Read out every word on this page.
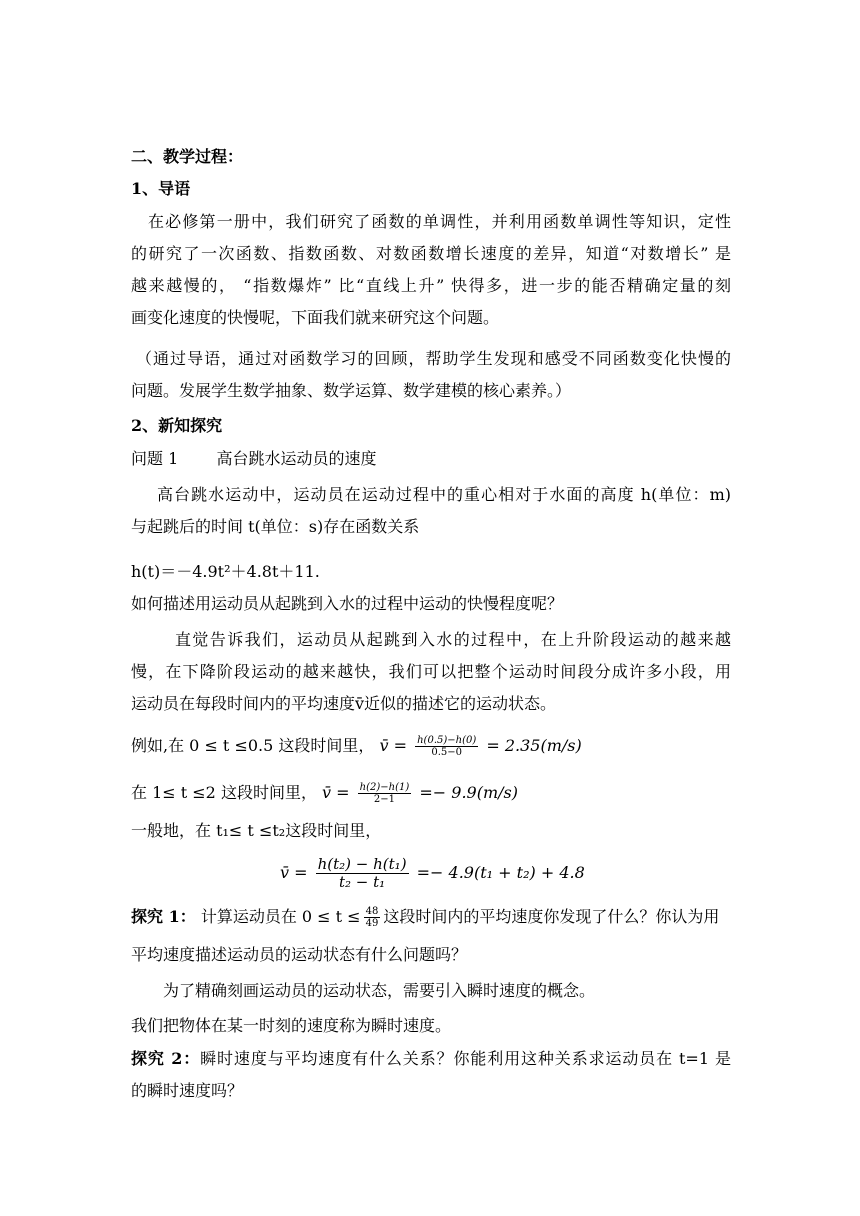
二、教学过程：
1、导语
在必修第一册中，我们研究了函数的单调性，并利用函数单调性等知识，定性
的研究了一次函数、指数函数、对数函数增长速度的差异，知道“对数增长” 是
越来越慢的， “指数爆炸” 比“直线上升” 快得多，进一步的能否精确定量的刻
画变化速度的快慢呢，下面我们就来研究这个问题。
（通过导语，通过对函数学习的回顾，帮助学生发现和感受不同函数变化快慢的
问题。发展学生数学抽象、数学运算、数学建模的核心素养。）
2、新知探究
问题 1 高台跳水运动员的速度
高台跳水运动中，运动员在运动过程中的重心相对于水面的高度 h(单位：m)
与起跳后的时间 t(单位：s)存在函数关系
h(t)＝－4.9t²＋4.8t＋11.
如何描述用运动员从起跳到入水的过程中运动的快慢程度呢？
直觉告诉我们，运动员从起跳到入水的过程中，在上升阶段运动的越来越
慢，在下降阶段运动的越来越快，我们可以把整个运动时间段分成许多小段，用
运动员在每段时间内的平均速度v̄近似的描述它的运动状态。
例如,在 0 ≤ t ≤0.5 这段时间里， v̄ = $\frac{h(0.5)-h(0)}{0.5-0} = 2.35(m/s)$
在 1≤ t ≤2 这段时间里， v̄ = $\frac{h(2)-h(1)}{2-1} =- 9.9(m/s)$
一般地，在 t₁≤ t ≤t₂这段时间里，
v̄ = $\frac{\text{h(t₂) − h(t₁)}}{\text{t₂ − t₁}} =- 4.9(t_1 + t_2) + 4.8$
探究 1： 计算运动员在 $0 \le t \le \frac{48}{49}$ 这段时间内的平均速度你发现了什么？你认为用
平均速度描述运动员的运动状态有什么问题吗？
为了精确刻画运动员的运动状态，需要引入瞬时速度的概念。
我们把物体在某一时刻的速度称为瞬时速度。
探究 2：瞬时速度与平均速度有什么关系？你能利用这种关系求运动员在 t=1 是
的瞬时速度吗？
